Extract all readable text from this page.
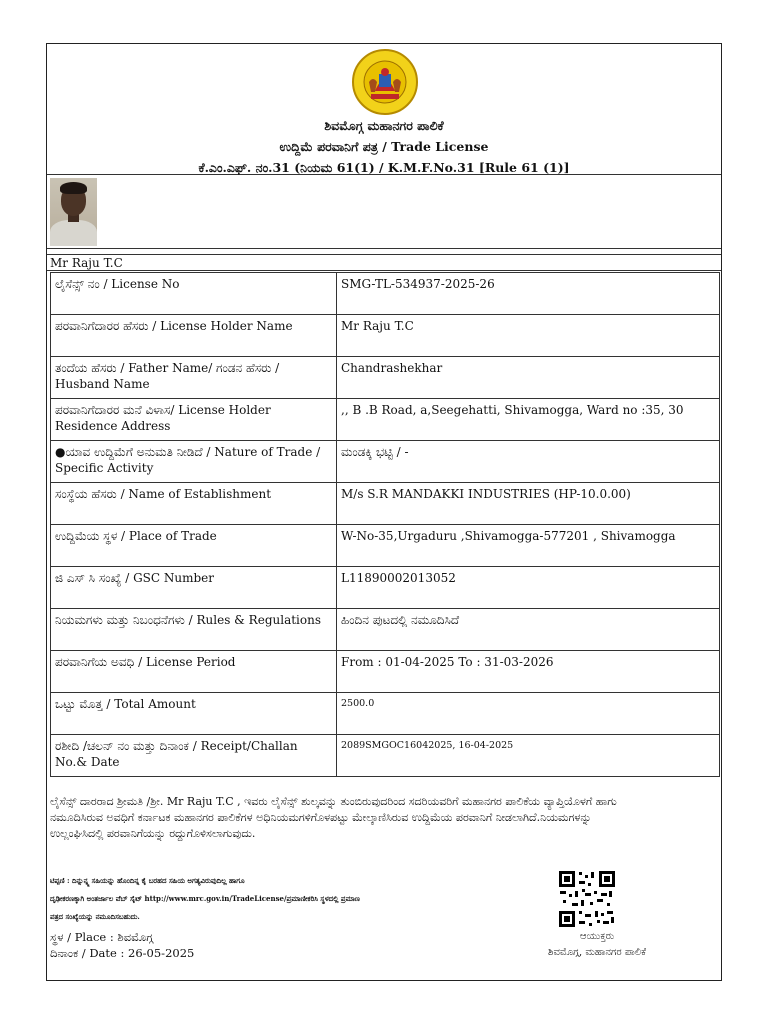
ಶಿವಮೊಗ್ಗ ಮಹಾನಗರ ಪಾಲಿಕೆ
ಉದ್ದಿಮೆ ಪರವಾನಿಗೆ ಪತ್ರ / Trade License
ಕೆ.ಎಂ.ಎಫ್. ನಂ.31 (ನಿಯಮ 61(1) / K.M.F.No.31 [Rule 61 (1)]
Mr Raju T.C
ಲೈಸೆನ್ಸ್ ನಂ / License No	SMG-TL-534937-2025-26
ಪರವಾನಿಗೆದಾರರ ಹೆಸರು / License Holder Name	Mr Raju T.C
ತಂದೆಯ ಹೆಸರು / Father Name/ ಗಂಡನ ಹೆಸರು / Husband Name	Chandrashekhar
ಪರವಾನಿಗೆದಾರರ ಮನೆ ವಿಳಾಸ/ License Holder Residence Address	,, B .B Road, a,Seegehatti, Shivamogga, Ward no :35, 30
●ಯಾವ ಉದ್ದಿಮೆಗೆ ಅನುಮತಿ ನೀಡಿದೆ / Nature of Trade / Specific Activity	ಮಂಡಕ್ಕಿ ಭಟ್ಟಿ / -
ಸಂಸ್ಥೆಯ ಹೆಸರು / Name of Establishment	M/s S.R MANDAKKI INDUSTRIES (HP-10.0.00)
ಉದ್ದಿಮೆಯ ಸ್ಥಳ / Place of Trade	W-No-35,Urgaduru ,Shivamogga-577201 , Shivamogga
ಜಿ ಎಸ್ ಸಿ ಸಂಖ್ಯೆ / GSC Number	L11890002013052
ನಿಯಮಗಳು ಮತ್ತು ನಿಬಂಧನೆಗಳು / Rules & Regulations	ಹಿಂದಿನ ಪುಟದಲ್ಲಿ ನಮೂದಿಸಿದೆ
ಪರವಾನಿಗೆಯ ಅವಧಿ / License Period	From : 01-04-2025 To : 31-03-2026
ಒಟ್ಟು ಮೊತ್ತ / Total Amount	2500.0
ರಶೀದಿ /ಚಲನ್ ನಂ ಮತ್ತು ದಿನಾಂಕ / Receipt/Challan No.& Date	2089SMGOC16042025, 16-04-2025
ಲೈಸೆನ್ಸ್ ದಾರರಾದ ಶ್ರೀಮತಿ /ಶ್ರೀ. Mr Raju T.C , ಇವರು ಲೈಸೆನ್ಸ್ ಶುಲ್ಕವನ್ನು ತುಂಬಿರುವುದರಿಂದ ಸದರಿಯವರಿಗೆ ಮಹಾನಗರ ಪಾಲಿಕೆಯ ವ್ಯಾಪ್ತಿಯೊಳಗೆ ಹಾಗು ನಮೂದಿಸಿರುವ ಅವಧಿಗೆ ಕರ್ನಾಟಕ ಮಹಾನಗರ ಪಾಲಿಕೆಗಳ ಅಧಿನಿಯಮಗಳಿಗೊಳಪಟ್ಟು ಮೇಲ್ಕಾಣಿಸಿರುವ ಉದ್ದಿಮೆಯ ಪರವಾನಿಗೆ ನೀಡಲಾಗಿದೆ.ನಿಯಮಗಳನ್ನು ಉಲ್ಲಂಘಿಸಿದಲ್ಲಿ ಪರವಾನಿಗೆಯನ್ನು ರದ್ದುಗೊಳಿಸಲಾಗುವುದು.
ಟಿಪ್ಪಣಿ : ದಿನ್ನುನ್ನ್ನ ಸಹಿಯನ್ನು ಹೊಂದಿನ್ನ ಕೈ ಬರಹದ ಸಹಿಯ ಅಗತ್ಯವಿರುವುದಿಲ್ಲ ಹಾಗೂ
ದೃಢೀಕರಣಕ್ಕಾಗಿ ಅಂತರ್ಜಾಲ ವೆಬ್ ಸೈಟ್ http://www.mrc.gov.in/TradeLicense/ಪ್ರಮಾಣೀಕರಿಸಿ ಸ್ಥಳದಲ್ಲಿ ಪ್ರಮಾಣ
ಪತ್ರದ ಸಂಖ್ಯೆಯನ್ನು ನಮೂದಿಸಬಹುದು.
ಸ್ಥಳ / Place : ಶಿವಮೊಗ್ಗ
ದಿನಾಂಕ / Date : 26-05-2025
ಆಯುಕ್ತರು
ಶಿವಮೊಗ್ಗ, ಮಹಾನಗರ ಪಾಲಿಕೆ
